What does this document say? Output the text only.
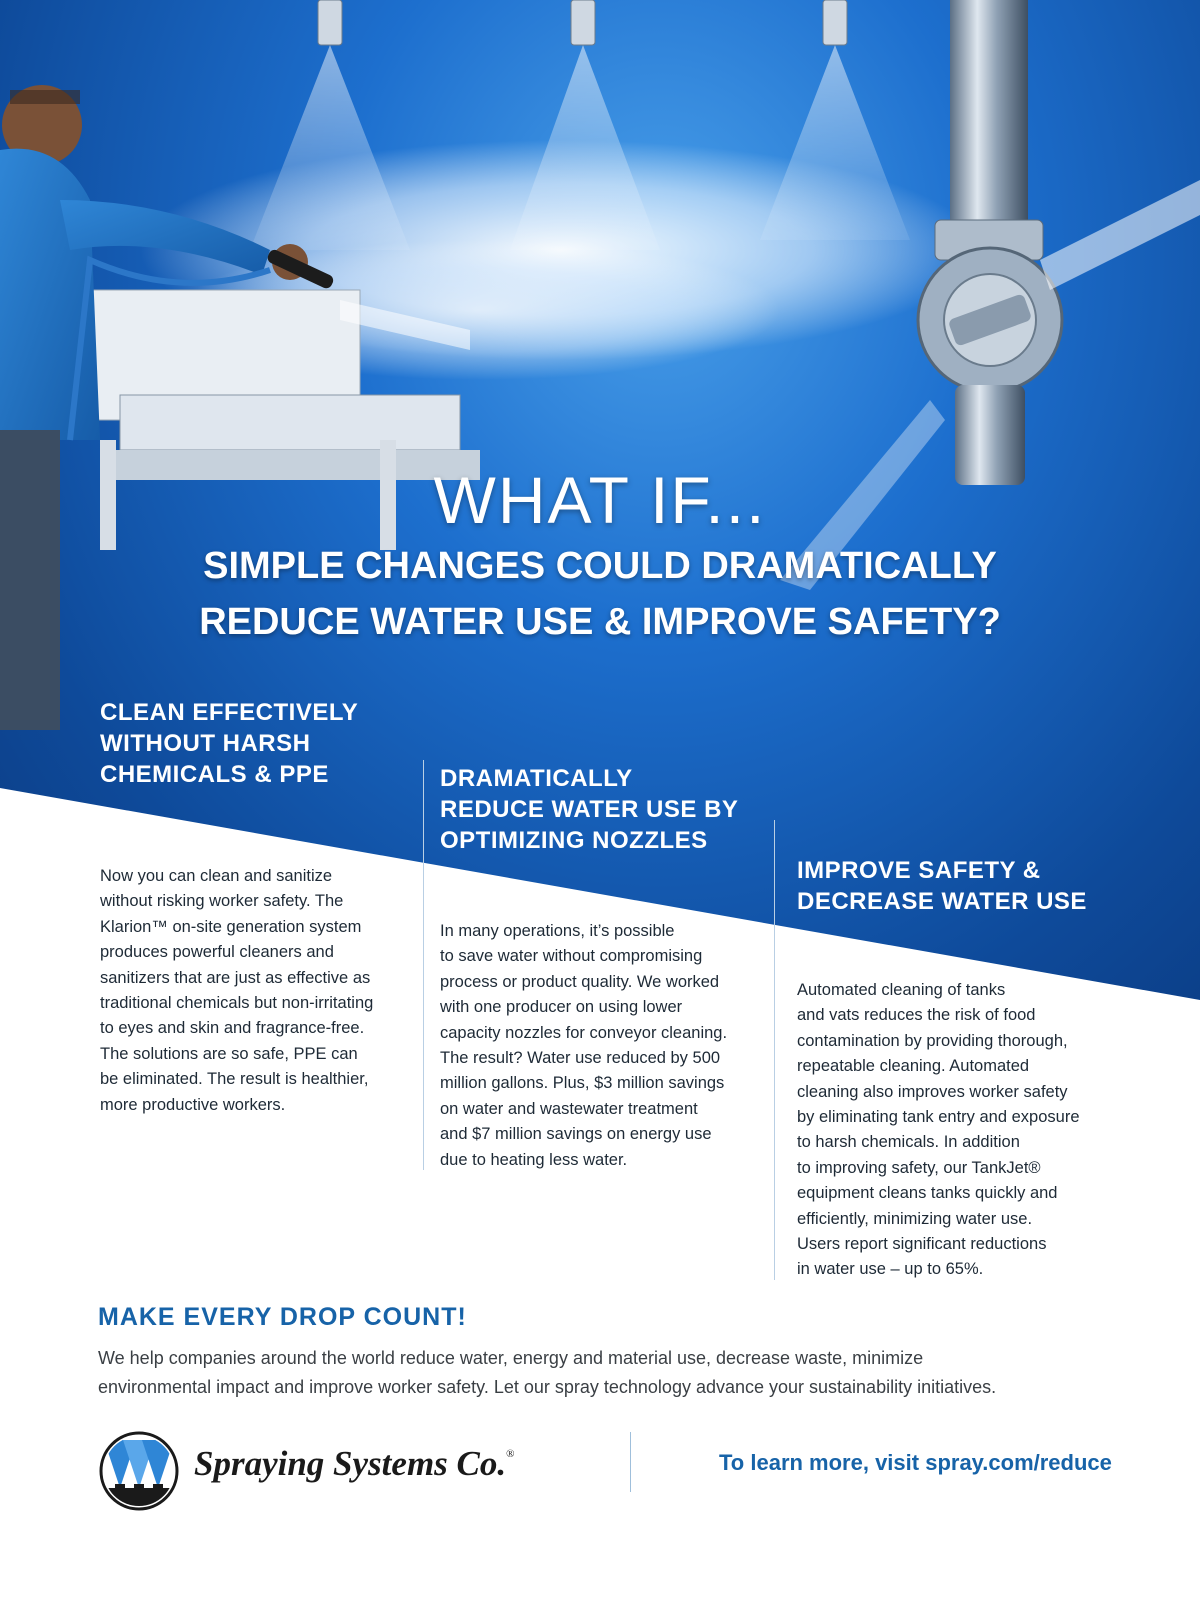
WHAT IF...
SIMPLE CHANGES COULD DRAMATICALLY
REDUCE WATER USE & IMPROVE SAFETY?
CLEAN EFFECTIVELY
WITHOUT HARSH
CHEMICALS & PPE
Now you can clean and sanitize
without risking worker safety. The
Klarion™ on-site generation system
produces powerful cleaners and
sanitizers that are just as effective as
traditional chemicals but non-irritating
to eyes and skin and fragrance-free.
The solutions are so safe, PPE can
be eliminated. The result is healthier,
more productive workers.
DRAMATICALLY
REDUCE WATER USE BY
OPTIMIZING NOZZLES
In many operations, it’s possible
to save water without compromising
process or product quality. We worked
with one producer on using lower
capacity nozzles for conveyor cleaning.
The result? Water use reduced by 500
million gallons. Plus, $3 million savings
on water and wastewater treatment
and $7 million savings on energy use
due to heating less water.
IMPROVE SAFETY &
DECREASE WATER USE
Automated cleaning of tanks
and vats reduces the risk of food
contamination by providing thorough,
repeatable cleaning. Automated
cleaning also improves worker safety
by eliminating tank entry and exposure
to harsh chemicals. In addition
to improving safety, our TankJet®
equipment cleans tanks quickly and
efficiently, minimizing water use.
Users report significant reductions
in water use – up to 65%.
MAKE EVERY DROP COUNT!
We help companies around the world reduce water, energy and material use, decrease waste, minimize
environmental impact and improve worker safety. Let our spray technology advance your sustainability initiatives.
Spraying Systems Co.®	To learn more, visit spray.com/reduce
